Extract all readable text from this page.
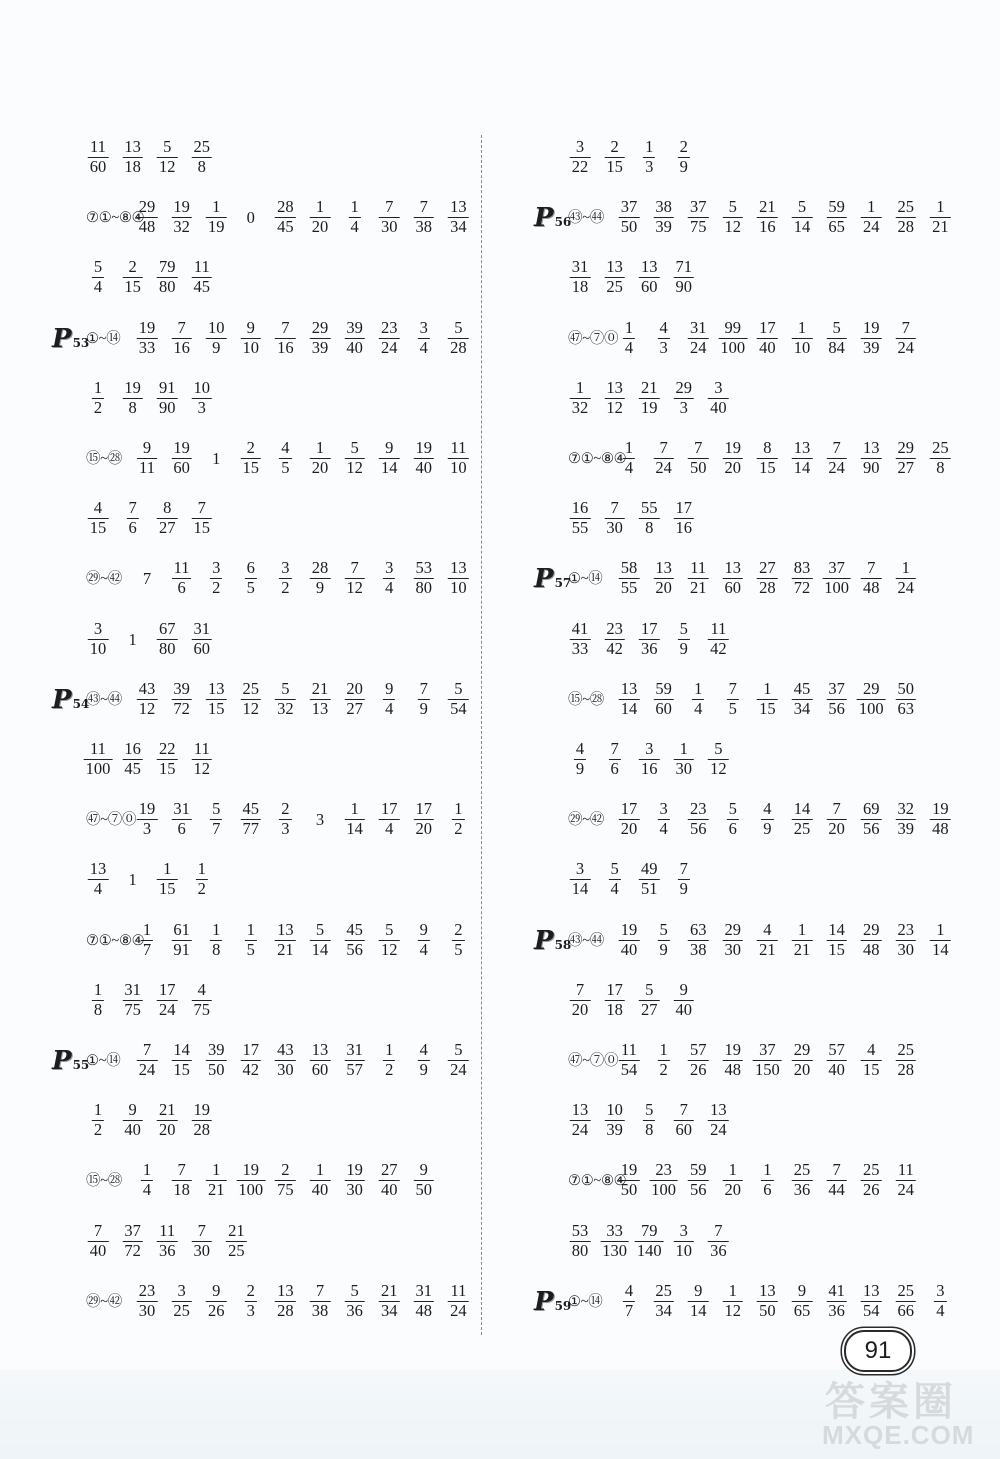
11
60
13
18
5
12
25
8
⑦①~⑧④
29
48
19
32
1
19 0
28
45
1
20
1
4
7
30
7
38
13
34
5
4
2
15
79
80
11
45
P 53
①~⑭
19
33
7
16
10
9
9
10
7
16
29
39
39
40
23
24
3
4
5
28
1
2
19
8
91
90
10
3
⑮~㉘
9
11
19
60 1
2
15
4
5
1
20
5
12
9
14
19
40
11
10
4
15
7
6
8
27
7
15
㉙~㊷ 7
11
6
3
2
6
5
3
2
28
9
7
12
3
4
53
80
13
10
3
10 1
67
80
31
60
P 54
㊸~㊹
43
12
39
72
13
15
25
12
5
32
21
13
20
27
9
4
7
9
5
54
11
100
16
45
22
15
11
12
㊼~⑦⓪
19
3
31
6
5
7
45
77
2
3 3
1
14
17
4
17
20
1
2
13
4 1
1
15
1
2
⑦①~⑧④
1
7
61
91
1
8
1
5
13
21
5
14
45
56
5
12
9
4
2
5
1
8
31
75
17
24
4
75
P 55
①~⑭
7
24
14
15
39
50
17
42
43
30
13
60
31
57
1
2
4
9
5
24
1
2
9
40
21
20
19
28
⑮~㉘
1
4
7
18
1
21
19
100
2
75
1
40
19
30
27
40
9
50
7
40
37
72
11
36
7
30
21
25
㉙~㊷
23
30
3
25
9
26
2
3
13
28
7
38
5
36
21
34
31
48
11
24
3
22
2
15
1
3
2
9
P 56
㊸~㊹
37
50
38
39
37
75
5
12
21
16
5
14
59
65
1
24
25
28
1
21
31
18
13
25
13
60
71
90
㊼~⑦⓪
1
4
4
3
31
24
99
100
17
40
1
10
5
84
19
39
7
24
1
32
13
12
21
19
29
3
3
40
⑦①~⑧④
1
4
7
24
7
50
19
20
8
15
13
14
7
24
13
90
29
27
25
8
16
55
7
30
55
8
17
16
P 57
①~⑭
58
55
13
20
11
21
13
60
27
28
83
72
37
100
7
48
1
24
41
33
23
42
17
36
5
9
11
42
⑮~㉘
13
14
59
60
1
4
7
5
1
15
45
34
37
56
29
100
50
63
4
9
7
6
3
16
1
30
5
12
㉙~㊷
17
20
3
4
23
56
5
6
4
9
14
25
7
20
69
56
32
39
19
48
3
14
5
4
49
51
7
9
P 58
㊸~㊹
19
40
5
9
63
38
29
30
4
21
1
21
14
15
29
48
23
30
1
14
7
20
17
18
5
27
9
40
㊼~⑦⓪
11
54
1
2
57
26
19
48
37
150
29
20
57
40
4
15
25
28
13
24
10
39
5
8
7
60
13
24
⑦①~⑧④
19
50
23
100
59
56
1
20
1
6
25
36
7
44
25
26
11
24
53
80
33
130
79
140
3
10
7
36
P 59
①~⑭
4
7
25
34
9
14
1
12
13
50
9
65
41
36
13
54
25
66
3
4
91
答案圈
MXQE.COM
